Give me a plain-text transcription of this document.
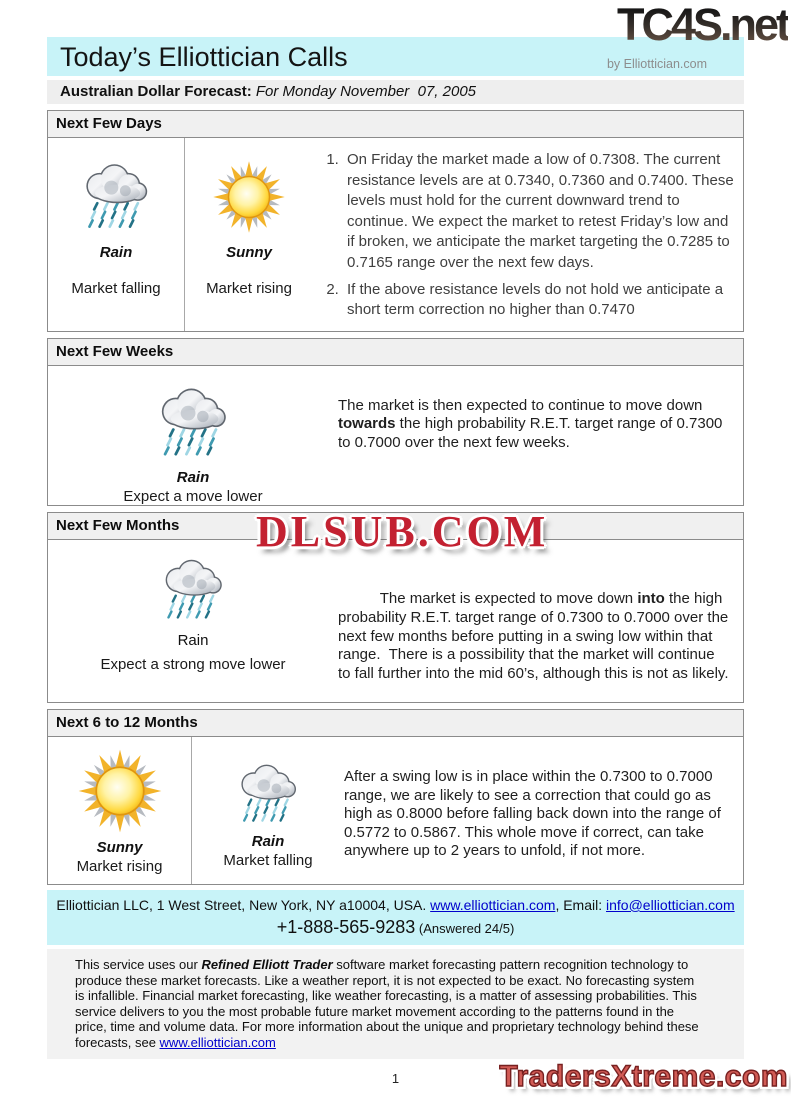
TC4S.net
Today’s Elliottician Calls	by Elliottician.com
Australian Dollar Forecast: For Monday November  07, 2005
Next Few Days
Rain
Market falling
Sunny
Market rising
1. On Friday the market made a low of 0.7308. The current resistance levels are at 0.7340, 0.7360 and 0.7400. These levels must hold for the current downward trend to continue. We expect the market to retest Friday’s low and if broken, we anticipate the market targeting the 0.7285 to 0.7165 range over the next few days.
2. If the above resistance levels do not hold we anticipate a short term correction no higher than 0.7470
Next Few Weeks
Rain
Expect a move lower
The market is then expected to continue to move down towards the high probability R.E.T. target range of 0.7300 to 0.7000 over the next few weeks.
DLSUB.COM
Next Few Months
Rain
Expect a strong move lower

The market is expected to move down into the high probability R.E.T. target range of 0.7300 to 0.7000 over the next few months before putting in a swing low within that range.  There is a possibility that the market will continue to fall further into the mid 60’s, although this is not as likely.

Next 6 to 12 Months
Sunny
Market rising
Rain
Market falling
After a swing low is in place within the 0.7300 to 0.7000 range, we are likely to see a correction that could go as high as 0.8000 before falling back down into the range of 0.5772 to 0.5867. This whole move if correct, can take anywhere up to 2 years to unfold, if not more.
Elliottician LLC, 1 West Street, New York, NY a10004, USA. www.elliottician.com, Email: info@elliottician.com
+1-888-565-9283 (Answered 24/5)
This service uses our Refined Elliott Trader software market forecasting pattern recognition technology to produce these market forecasts. Like a weather report, it is not expected to be exact. No forecasting system is infallible. Financial market forecasting, like weather forecasting, is a matter of assessing probabilities. This service delivers to you the most probable future market movement according to the patterns found in the price, time and volume data. For more information about the unique and proprietary technology behind these forecasts, see www.elliottician.com
1	TradersXtreme.com
